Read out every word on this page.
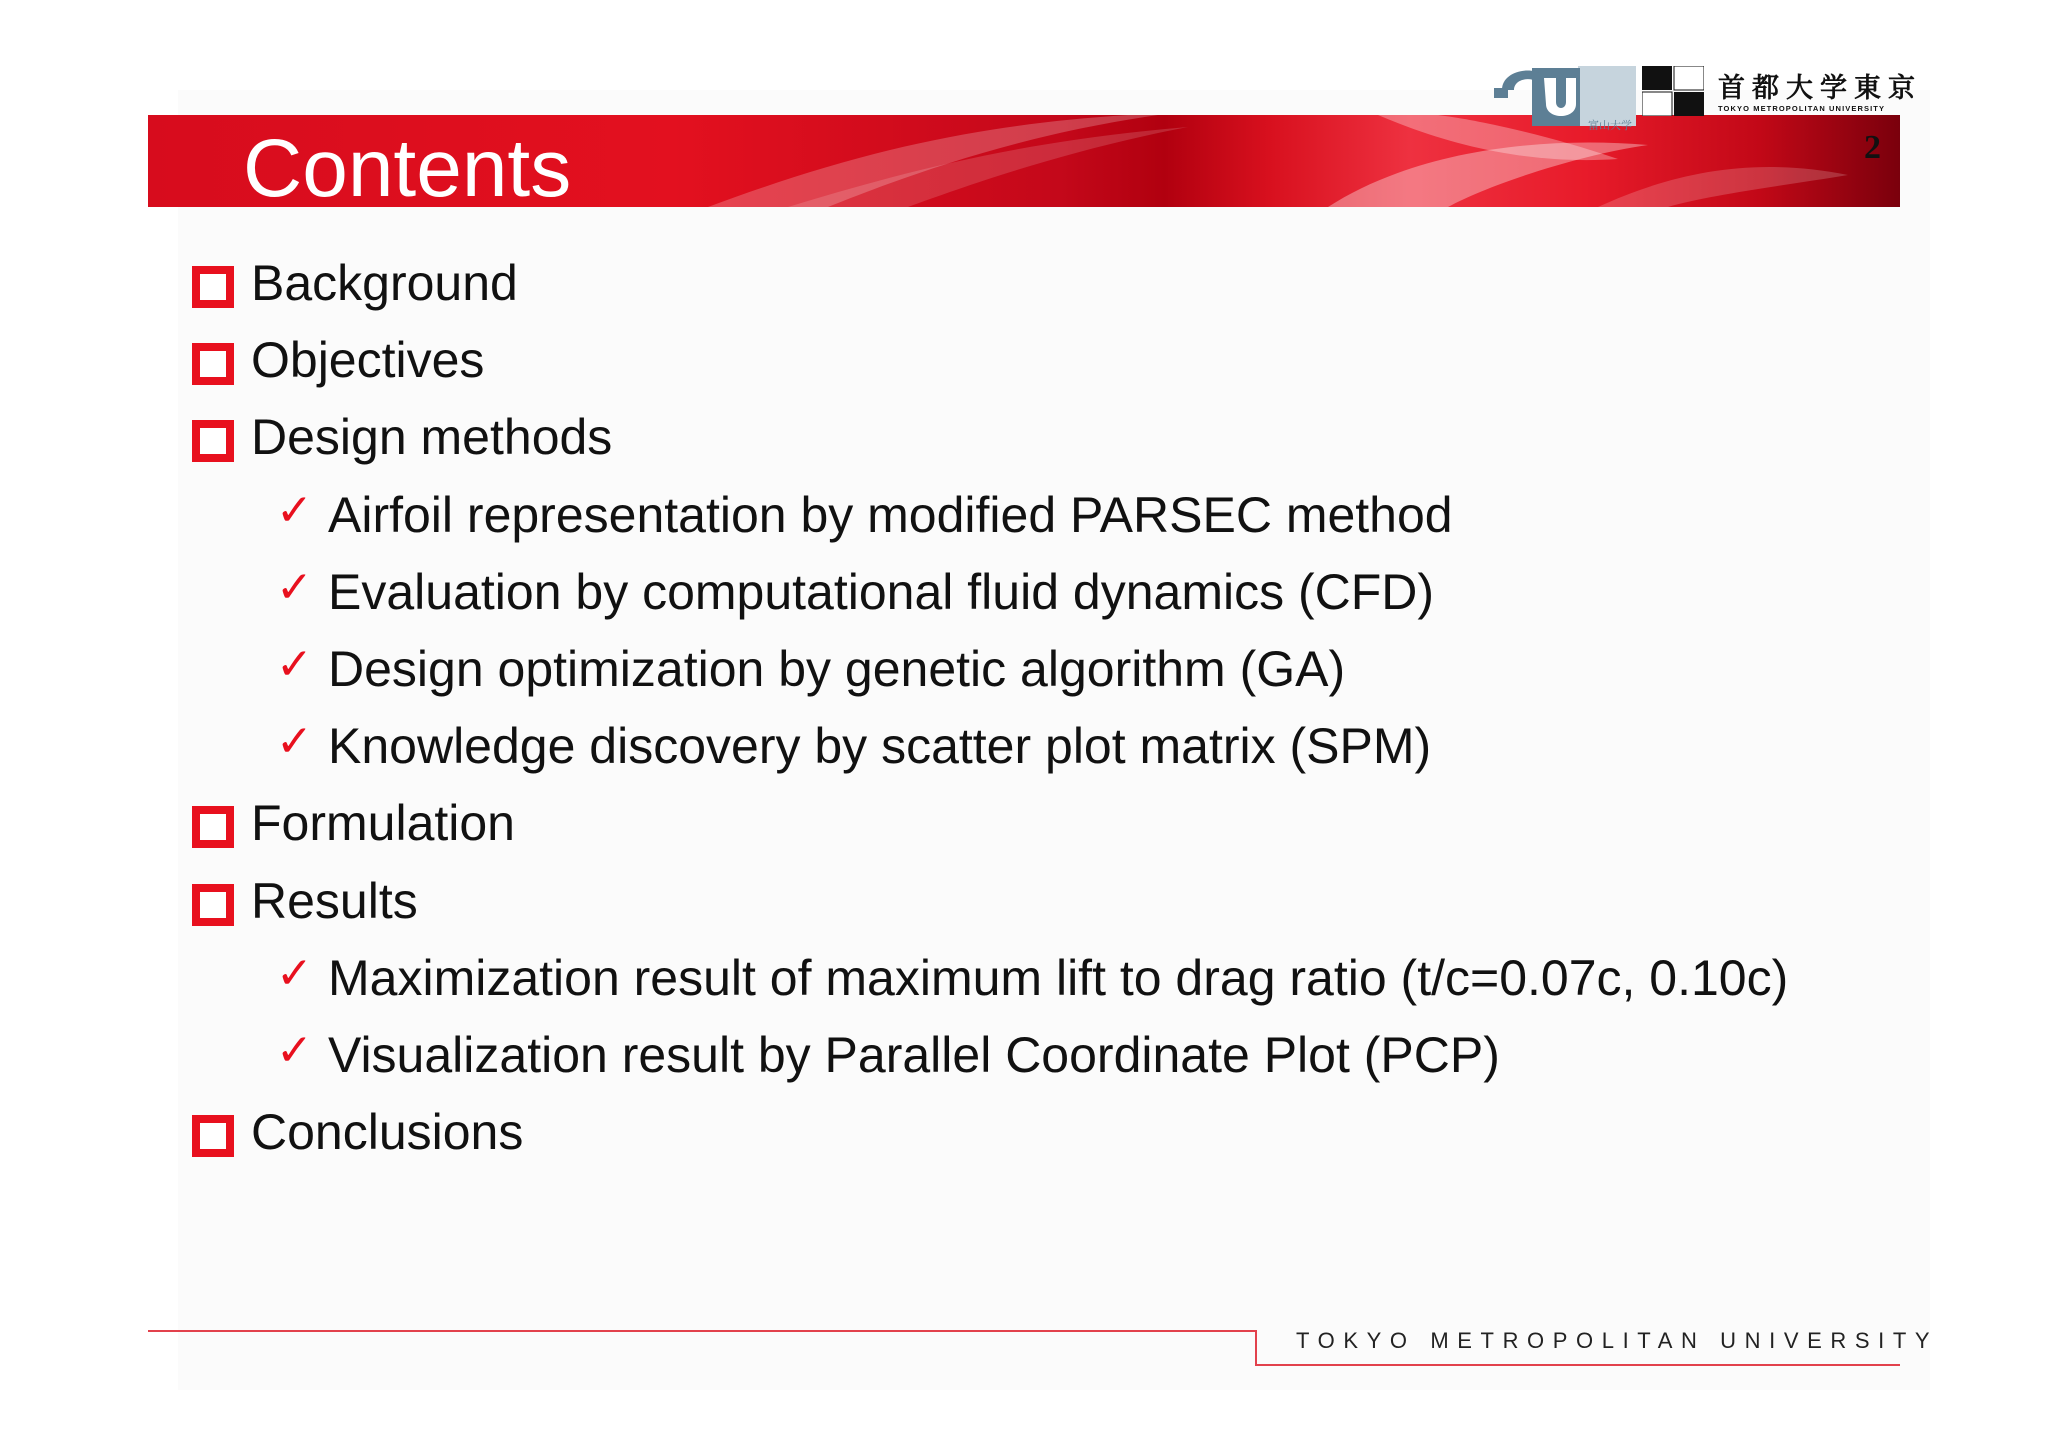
Contents	2
富山大学
首都大学東京
TOKYO METROPOLITAN UNIVERSITY
Background
Objectives
Design methods
✓ Airfoil representation by modified PARSEC method
✓ Evaluation by computational fluid dynamics (CFD)
✓ Design optimization by genetic algorithm (GA)
✓ Knowledge discovery by scatter plot matrix (SPM)
Formulation
Results
✓ Maximization result of maximum lift to drag ratio (t/c=0.07c, 0.10c)
✓ Visualization result by Parallel Coordinate Plot (PCP)
Conclusions
TOKYO METROPOLITAN UNIVERSITY
